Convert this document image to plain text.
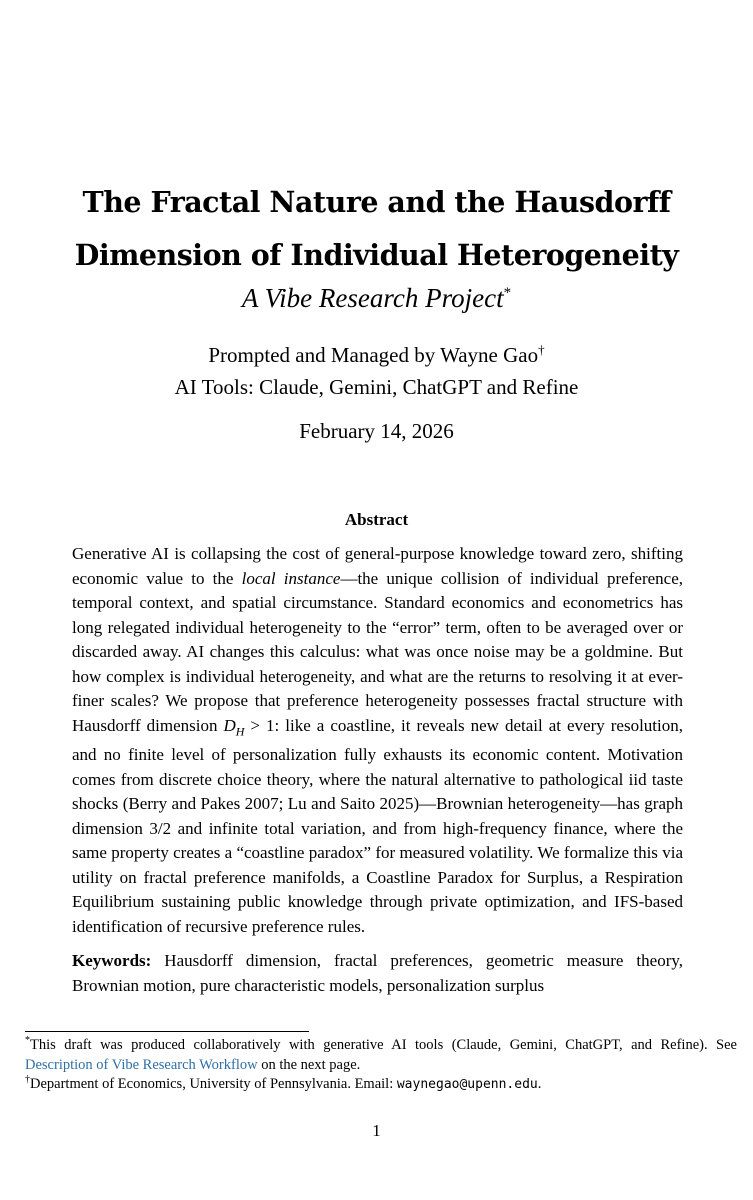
The Fractal Nature and the Hausdorff
Dimension of Individual Heterogeneity
A Vibe Research Project*
Prompted and Managed by Wayne Gao†
AI Tools: Claude, Gemini, ChatGPT and Refine
February 14, 2026
Abstract

Generative AI is collapsing the cost of general-purpose knowledge toward zero, shifting economic value to the local instance—the unique collision of individual preference, temporal context, and spatial circumstance. Standard economics and econometrics has long relegated individual heterogeneity to the “error” term, often to be averaged over or discarded away. AI changes this calculus: what was once noise may be a goldmine. But how complex is individual heterogeneity, and what are the returns to resolving it at ever-finer scales? We propose that preference heterogeneity possesses fractal structure with Hausdorff dimension $D_H > 1$: like a coastline, it reveals new detail at every resolution, and no finite level of personalization fully exhausts its economic content. Motivation comes from discrete choice theory, where the natural alternative to pathological iid taste shocks (Berry and Pakes 2007; Lu and Saito 2025)—Brownian heterogeneity—has graph dimension 3/2 and infinite total variation, and from high-frequency finance, where the same property creates a “coastline paradox” for measured volatility. We formalize this via utility on fractal preference manifolds, a Coastline Paradox for Surplus, a Respiration Equilibrium sustaining public knowledge through private optimization, and IFS-based identification of recursive preference rules.

Keywords: Hausdorff dimension, fractal preferences, geometric measure theory, Brownian motion, pure characteristic models, personalization surplus

*This draft was produced collaboratively with generative AI tools (Claude, Gemini, ChatGPT, and Refine). See Description of Vibe Research Workflow on the next page.

†Department of Economics, University of Pennsylvania. Email: waynegao@upenn.edu.

1
